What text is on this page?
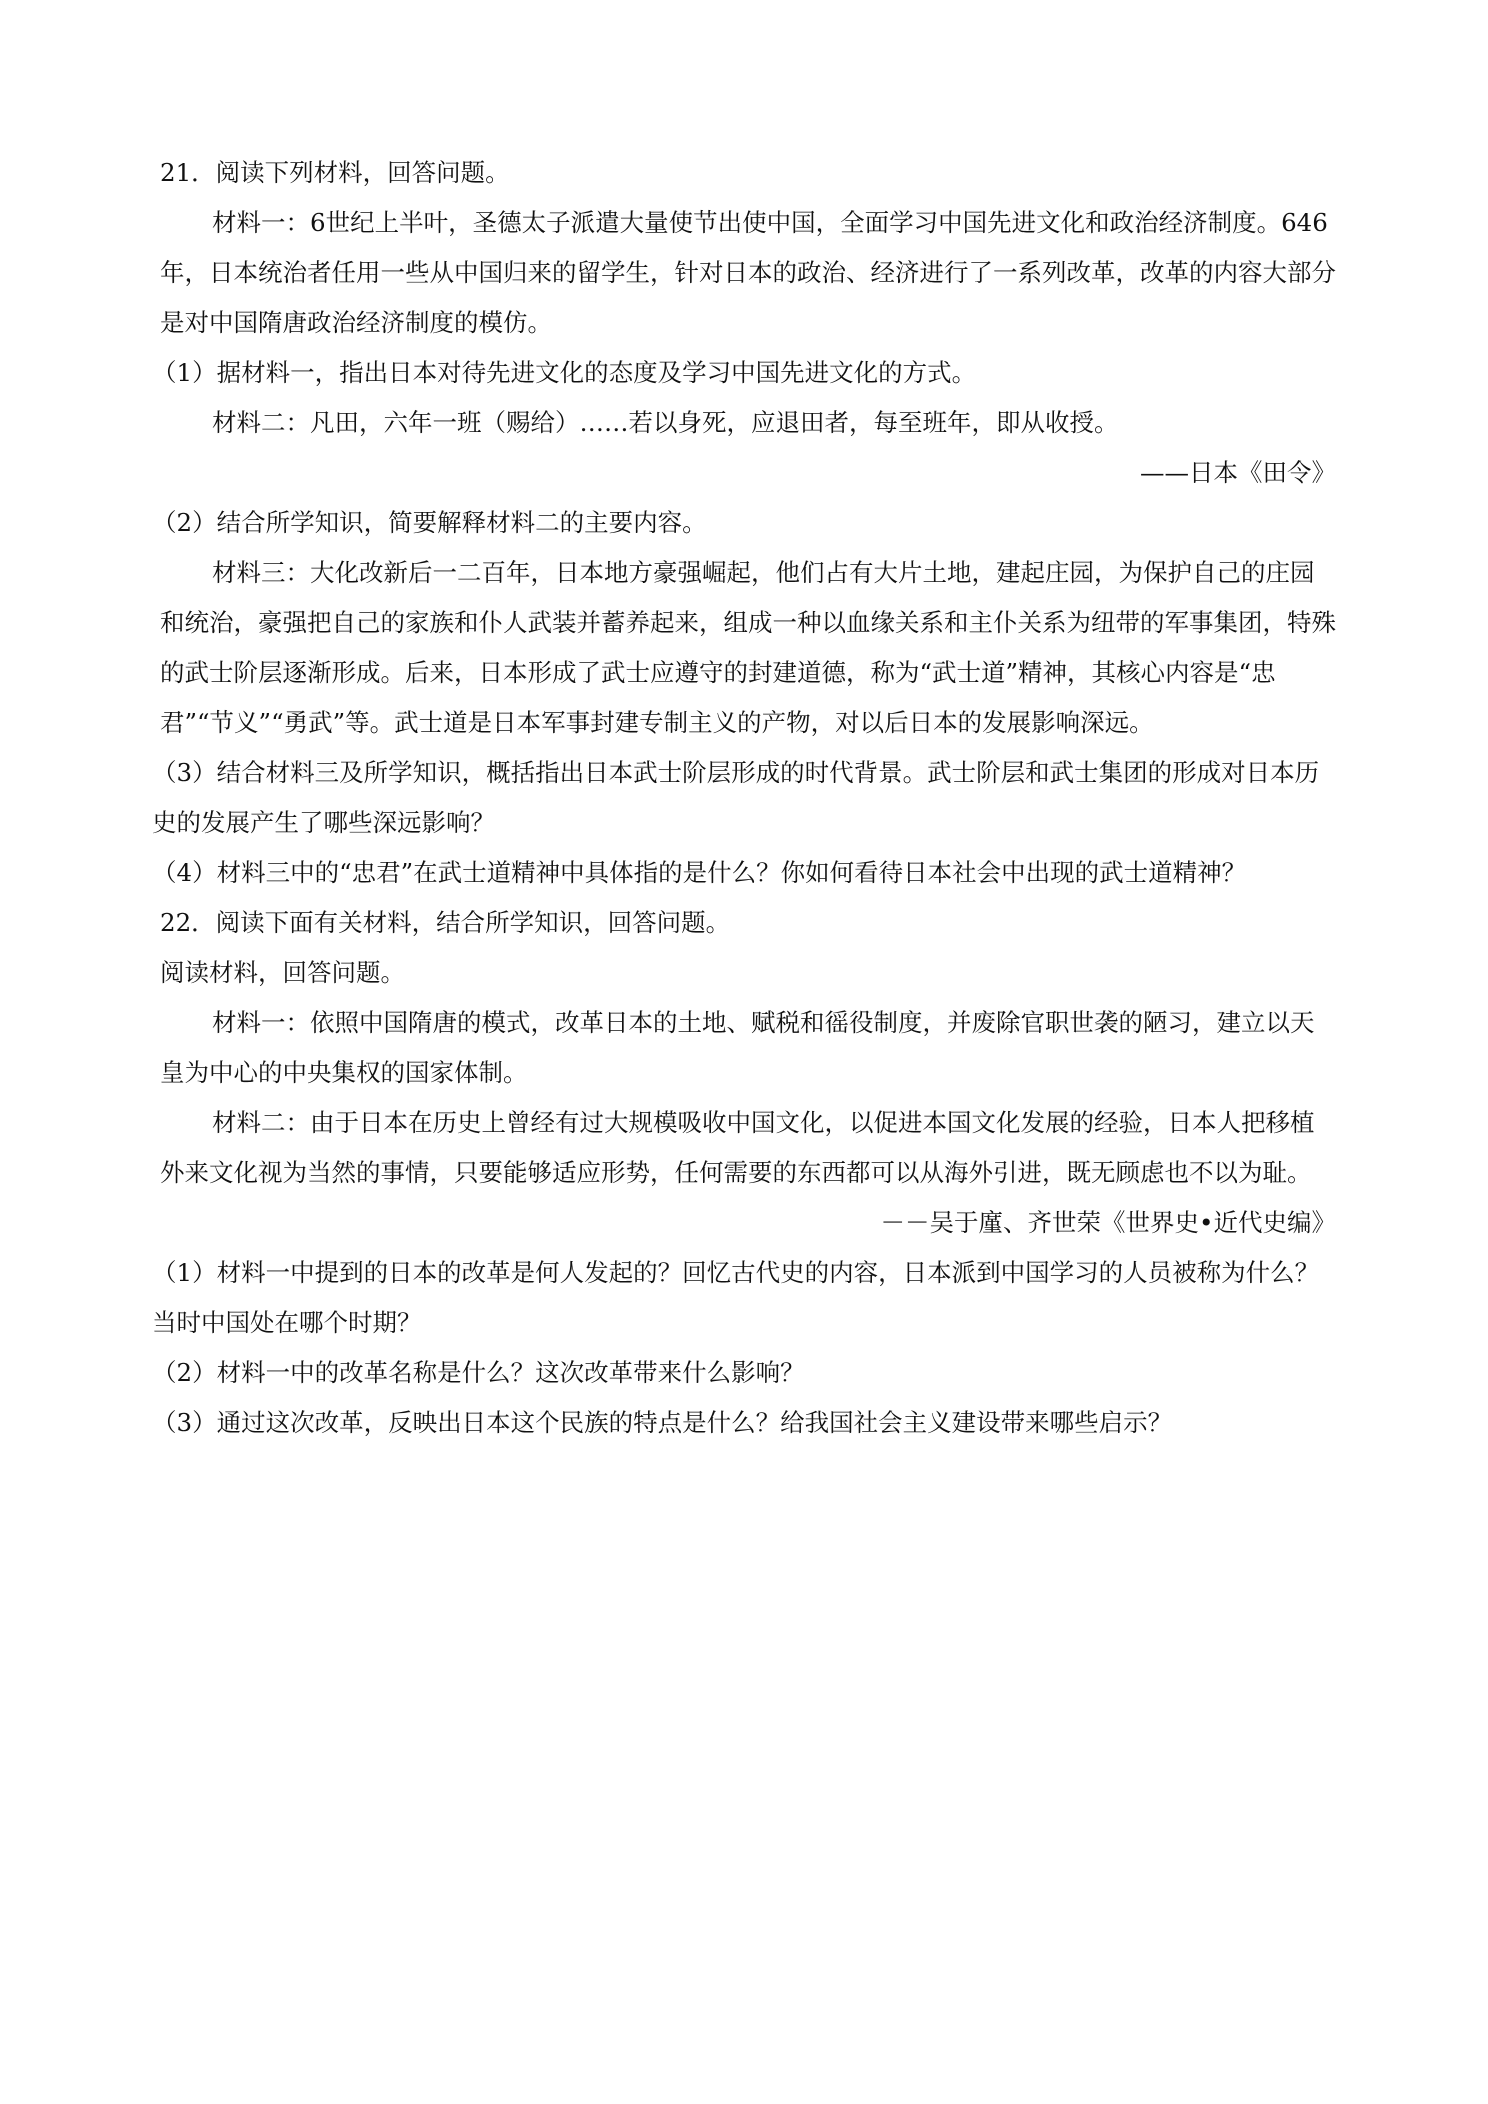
21．阅读下列材料，回答问题。

材料一：6世纪上半叶，圣德太子派遣大量使节出使中国，全面学习中国先进文化和政治经济制度。646年，日本统治者任用一些从中国归来的留学生，针对日本的政治、经济进行了一系列改革，改革的内容大部分是对中国隋唐政治经济制度的模仿。

（1）据材料一，指出日本对待先进文化的态度及学习中国先进文化的方式。

材料二：凡田，六年一班（赐给）……若以身死，应退田者，每至班年，即从收授。

——日本《田令》

（2）结合所学知识，简要解释材料二的主要内容。

材料三：大化改新后一二百年，日本地方豪强崛起，他们占有大片土地，建起庄园，为保护自己的庄园和统治，豪强把自己的家族和仆人武装并蓄养起来，组成一种以血缘关系和主仆关系为纽带的军事集团，特殊的武士阶层逐渐形成。后来，日本形成了武士应遵守的封建道德，称为“武士道”精神，其核心内容是“忠君”“节义”“勇武”等。武士道是日本军事封建专制主义的产物，对以后日本的发展影响深远。

（3）结合材料三及所学知识，概括指出日本武士阶层形成的时代背景。武士阶层和武士集团的形成对日本历史的发展产生了哪些深远影响？

（4）材料三中的“忠君”在武士道精神中具体指的是什么？你如何看待日本社会中出现的武士道精神？

22．阅读下面有关材料，结合所学知识，回答问题。

阅读材料，回答问题。

材料一：依照中国隋唐的模式，改革日本的土地、赋税和徭役制度，并废除官职世袭的陋习，建立以天皇为中心的中央集权的国家体制。

材料二：由于日本在历史上曾经有过大规模吸收中国文化，以促进本国文化发展的经验，日本人把移植外来文化视为当然的事情，只要能够适应形势，任何需要的东西都可以从海外引进，既无顾虑也不以为耻。

－－吴于廑、齐世荣《世界史•近代史编》

（1）材料一中提到的日本的改革是何人发起的？回忆古代史的内容，日本派到中国学习的人员被称为什么？当时中国处在哪个时期？

（2）材料一中的改革名称是什么？这次改革带来什么影响？

（3）通过这次改革，反映出日本这个民族的特点是什么？给我国社会主义建设带来哪些启示？
